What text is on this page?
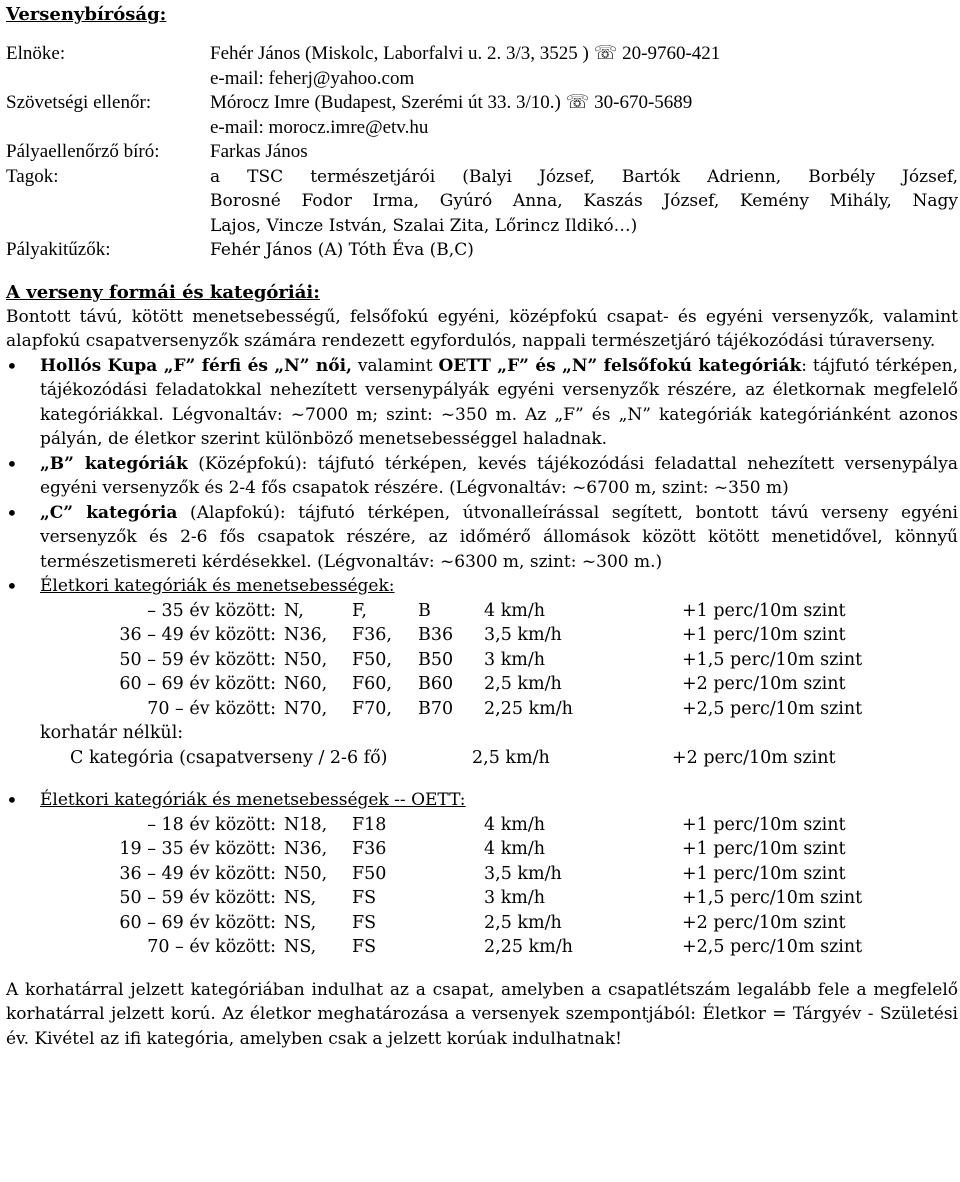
Versenybíróság:
Elnöke:	Fehér János (Miskolc, Laborfalvi u. 2. 3/3, 3525 ) ☏ 20-9760-421
e-mail: feherj@yahoo.com
Szövetségi ellenőr:	Mórocz Imre (Budapest, Szerémi út 33. 3/10.) ☏ 30-670-5689
e-mail: morocz.imre@etv.hu
Pályaellenőrző bíró:	Farkas János
Tagok:	a TSC természetjárói (Balyi József, Bartók Adrienn, Borbély József,
Borosné Fodor Irma, Gyúró Anna, Kaszás József, Kemény Mihály, Nagy
Lajos, Vincze István, Szalai Zita, Lőrincz Ildikó…)
Pályakitűzők:	Fehér János (A) Tóth Éva (B,C)
A verseny formái és kategóriái:

Bontott távú, kötött menetsebességű, felsőfokú egyéni, középfokú csapat- és egyéni versenyzők, valamint alapfokú csapatversenyzők számára rendezett egyfordulós, nappali természetjáró tájékozódási túraverseny.

•	Hollós Kupa „F” férfi és „N” női, valamint OETT „F” és „N” felsőfokú kategóriák: tájfutó térképen, tájékozódási feladatokkal nehezített versenypályák egyéni versenyzők részére, az életkornak megfelelő kategóriákkal. Légvonaltáv: ~7000 m; szint: ~350 m. Az „F” és „N” kategóriák kategóriánként azonos pályán, de életkor szerint különböző menetsebességgel haladnak.
•	„B” kategóriák (Középfokú): tájfutó térképen, kevés tájékozódási feladattal nehezített versenypálya egyéni versenyzők és 2-4 fős csapatok részére. (Légvonaltáv: ~6700 m, szint: ~350 m)
•	„C” kategória (Alapfokú): tájfutó térképen, útvonalleírással segített, bontott távú verseny egyéni versenyzők és 2-6 fős csapatok részére, az időmérő állomások között kötött menetidővel, könnyű természetismereti kérdésekkel. (Légvonaltáv: ~6300 m, szint: ~300 m.)
•	Életkori kategóriák és menetsebességek:
– 35 év között:	N,	F,	B	4 km/h	+1 perc/10m szint
36 – 49 év között:	N36,	F36,	B36	3,5 km/h	+1 perc/10m szint
50 – 59 év között:	N50,	F50,	B50	3 km/h	+1,5 perc/10m szint
60 – 69 év között:	N60,	F60,	B60	2,5 km/h	+2 perc/10m szint
70 – év között:	N70,	F70,	B70	2,25 km/h	+2,5 perc/10m szint
korhatár nélkül:
C kategória (csapatverseny / 2-6 fő)	2,5 km/h	+2 perc/10m szint
•	Életkori kategóriák és menetsebességek -- OETT:
– 18 év között:	N18,	F18		4 km/h	+1 perc/10m szint
19 – 35 év között:	N36,	F36		4 km/h	+1 perc/10m szint
36 – 49 év között:	N50,	F50		3,5 km/h	+1 perc/10m szint
50 – 59 év között:	NS,	FS		3 km/h	+1,5 perc/10m szint
60 – 69 év között:	NS,	FS		2,5 km/h	+2 perc/10m szint
70 – év között:	NS,	FS		2,25 km/h	+2,5 perc/10m szint

A korhatárral jelzett kategóriában indulhat az a csapat, amelyben a csapatlétszám legalább fele a megfelelő korhatárral jelzett korú. Az életkor meghatározása a versenyek szempontjából: Életkor = Tárgyév - Születési év. Kivétel az ifi kategória, amelyben csak a jelzett korúak indulhatnak!
